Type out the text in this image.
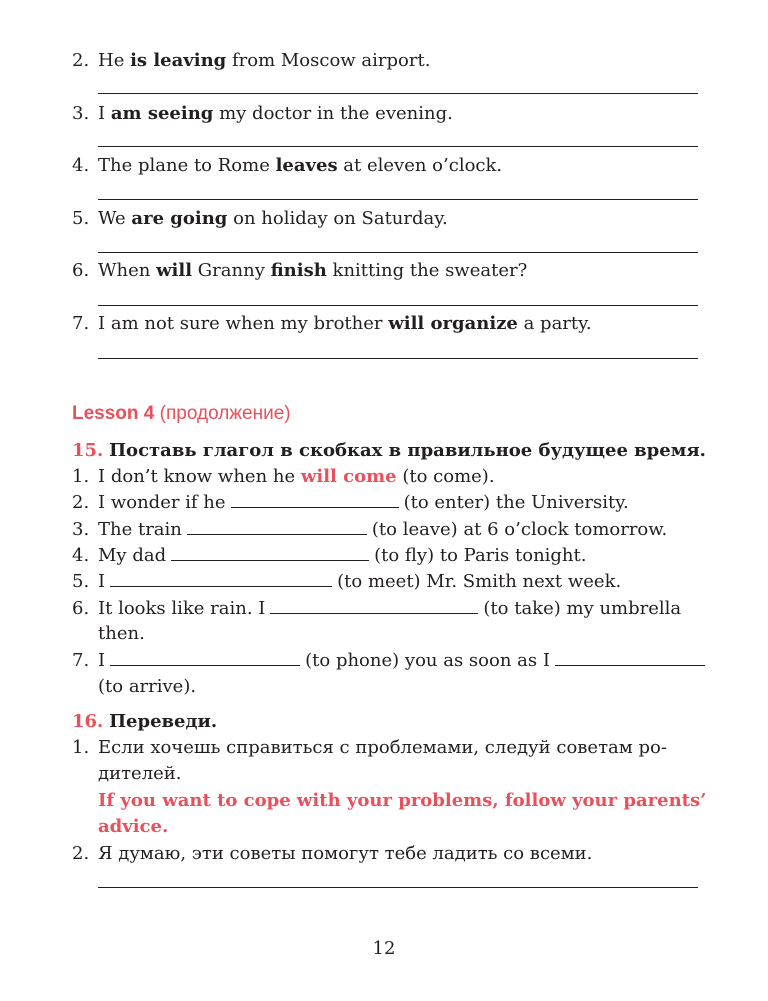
2. He is leaving from Moscow airport.
3. I am seeing my doctor in the evening.
4. The plane to Rome leaves at eleven o’clock.
5. We are going on holiday on Saturday.
6. When will Granny finish knitting the sweater?
7. I am not sure when my brother will organize a party.
Lesson 4 (продолжение)
15. Поставь глагол в скобках в правильное будущее время.
1. I don’t know when he will come (to come).
2. I wonder if he	(to enter) the University.
3. The train	(to leave) at 6 o’clock tomorrow.
4. My dad	(to fly) to Paris tonight.
5. I	(to meet) Mr. Smith next week.
6. It looks like rain. I	(to take) my umbrella
then.
7. I	(to phone) you as soon as I
(to arrive).
16. Переведи.
1. Если хочешь справиться с проблемами, следуй советам ро-
дителей.
If you want to cope with your problems, follow your parents’
advice.
2. Я думаю, эти советы помогут тебе ладить со всеми.
12
